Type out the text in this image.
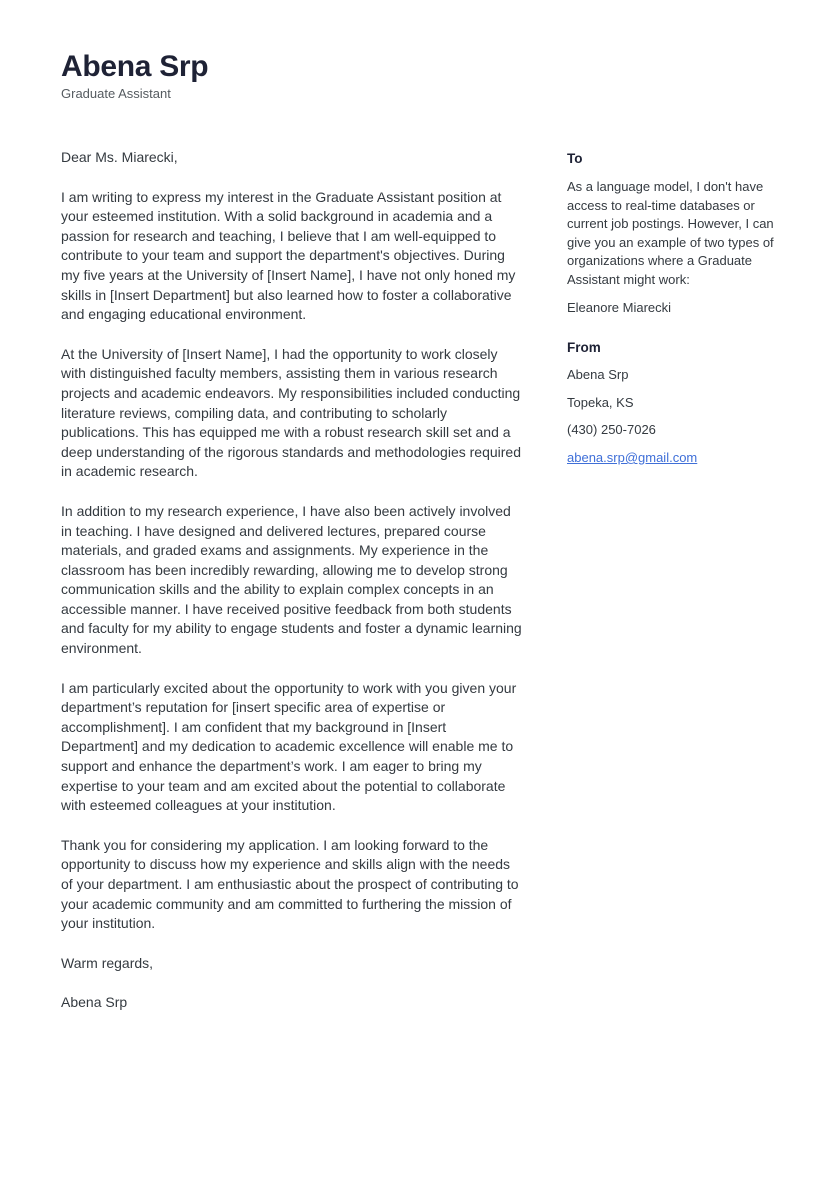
Abena Srp
Graduate Assistant

Dear Ms. Miarecki,

I am writing to express my interest in the Graduate Assistant position at your esteemed institution. With a solid background in academia and a passion for research and teaching, I believe that I am well-equipped to contribute to your team and support the department's objectives. During my five years at the University of [Insert Name], I have not only honed my skills in [Insert Department] but also learned how to foster a collaborative and engaging educational environment.

At the University of [Insert Name], I had the opportunity to work closely with distinguished faculty members, assisting them in various research projects and academic endeavors. My responsibilities included conducting literature reviews, compiling data, and contributing to scholarly publications. This has equipped me with a robust research skill set and a deep understanding of the rigorous standards and methodologies required in academic research.

In addition to my research experience, I have also been actively involved in teaching. I have designed and delivered lectures, prepared course materials, and graded exams and assignments. My experience in the classroom has been incredibly rewarding, allowing me to develop strong communication skills and the ability to explain complex concepts in an accessible manner. I have received positive feedback from both students and faculty for my ability to engage students and foster a dynamic learning environment.

I am particularly excited about the opportunity to work with you given your department’s reputation for [insert specific area of expertise or accomplishment]. I am confident that my background in [Insert Department] and my dedication to academic excellence will enable me to support and enhance the department’s work. I am eager to bring my expertise to your team and am excited about the potential to collaborate with esteemed colleagues at your institution.

Thank you for considering my application. I am looking forward to the opportunity to discuss how my experience and skills align with the needs of your department. I am enthusiastic about the prospect of contributing to your academic community and am committed to furthering the mission of your institution.

Warm regards,

Abena Srp

To

As a language model, I don't have access to real-time databases or current job postings. However, I can give you an example of two types of organizations where a Graduate Assistant might work:

Eleanore Miarecki

From

Abena Srp

Topeka, KS

(430) 250-7026

abena.srp@gmail.com
